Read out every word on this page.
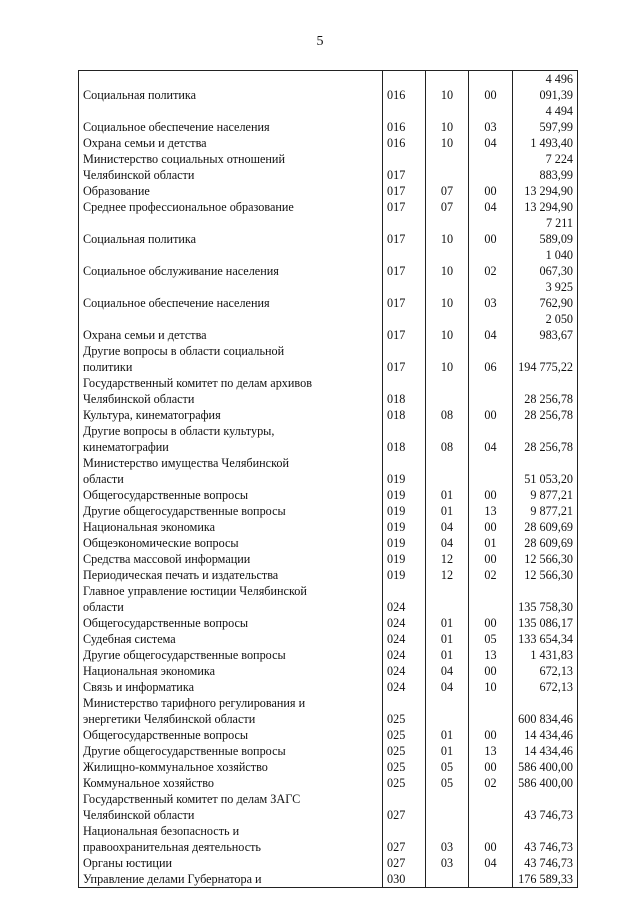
5
Социальная политика	016	10	00	4 496 091,39
Социальное обеспечение населения	016	10	03	4 494 597,99
Охрана семьи и детства	016	10	04	1 493,40
Министерство социальных отношений
Челябинской области	017			7 224 883,99
Образование	017	07	00	13 294,90
Среднее профессиональное образование	017	07	04	13 294,90
Социальная политика	017	10	00	7 211 589,09
Социальное обслуживание населения	017	10	02	1 040 067,30
Социальное обеспечение населения	017	10	03	3 925 762,90
Охрана семьи и детства	017	10	04	2 050 983,67
Другие вопросы в области социальной
политики	017	10	06	194 775,22
Государственный комитет по делам архивов
Челябинской области	018			28 256,78
Культура, кинематография	018	08	00	28 256,78
Другие вопросы в области культуры,
кинематографии	018	08	04	28 256,78
Министерство имущества Челябинской
области	019			51 053,20
Общегосударственные вопросы	019	01	00	9 877,21
Другие общегосударственные вопросы	019	01	13	9 877,21
Национальная экономика	019	04	00	28 609,69
Общеэкономические вопросы	019	04	01	28 609,69
Средства массовой информации	019	12	00	12 566,30
Периодическая печать и издательства	019	12	02	12 566,30
Главное управление юстиции Челябинской
области	024			135 758,30
Общегосударственные вопросы	024	01	00	135 086,17
Судебная система	024	01	05	133 654,34
Другие общегосударственные вопросы	024	01	13	1 431,83
Национальная экономика	024	04	00	672,13
Связь и информатика	024	04	10	672,13
Министерство тарифного регулирования и
энергетики Челябинской области	025			600 834,46
Общегосударственные вопросы	025	01	00	14 434,46
Другие общегосударственные вопросы	025	01	13	14 434,46
Жилищно-коммунальное хозяйство	025	05	00	586 400,00
Коммунальное хозяйство	025	05	02	586 400,00
Государственный комитет по делам ЗАГС
Челябинской области	027			43 746,73
Национальная безопасность и
правоохранительная деятельность	027	03	00	43 746,73
Органы юстиции	027	03	04	43 746,73
Управление делами Губернатора и	030			176 589,33
